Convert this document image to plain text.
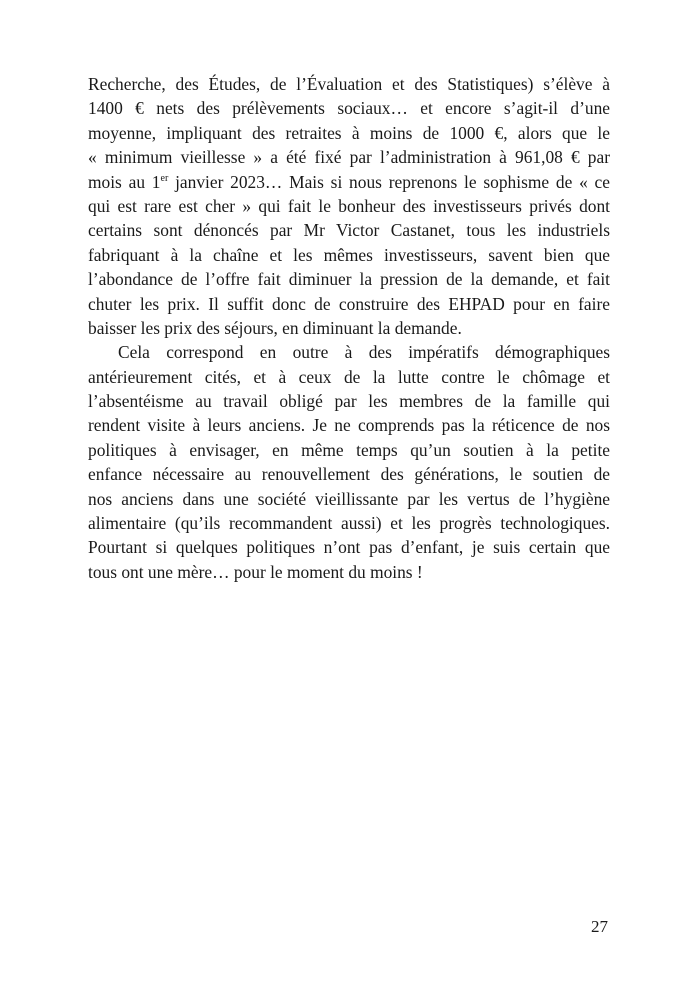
Recherche, des Études, de l’Évaluation et des Statistiques) s’élève à
1400 € nets des prélèvements sociaux… et encore s’agit-il d’une
moyenne, impliquant des retraites à moins de 1000 €, alors que le
« minimum vieillesse » a été fixé par l’administration à 961,08 € par
mois au 1er janvier 2023… Mais si nous reprenons le sophisme de « ce
qui est rare est cher » qui fait le bonheur des investisseurs privés dont
certains sont dénoncés par Mr Victor Castanet, tous les industriels
fabriquant à la chaîne et les mêmes investisseurs, savent bien que
l’abondance de l’offre fait diminuer la pression de la demande, et fait
chuter les prix. Il suffit donc de construire des EHPAD pour en faire
baisser les prix des séjours, en diminuant la demande.
Cela correspond en outre à des impératifs démographiques
antérieurement cités, et à ceux de la lutte contre le chômage et
l’absentéisme au travail obligé par les membres de la famille qui
rendent visite à leurs anciens. Je ne comprends pas la réticence de nos
politiques à envisager, en même temps qu’un soutien à la petite
enfance nécessaire au renouvellement des générations, le soutien de
nos anciens dans une société vieillissante par les vertus de l’hygiène
alimentaire (qu’ils recommandent aussi) et les progrès technologiques.
Pourtant si quelques politiques n’ont pas d’enfant, je suis certain que
tous ont une mère… pour le moment du moins !
27
